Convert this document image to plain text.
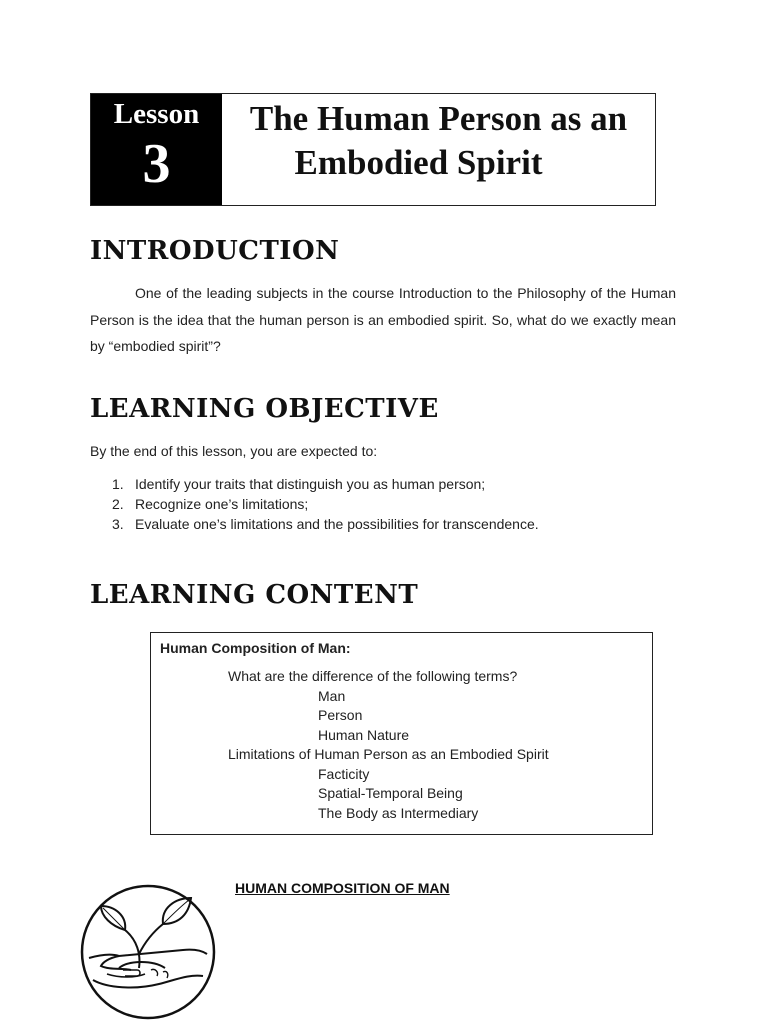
Lesson
3
The Human Person as an
Embodied Spirit
INTRODUCTION
One of the leading subjects in the course Introduction to the Philosophy of the Human Person is the idea that the human person is an embodied spirit. So, what do we exactly mean by “embodied spirit”?
LEARNING OBJECTIVE
By the end of this lesson, you are expected to:
1. Identify your traits that distinguish you as human person;
2. Recognize one’s limitations;
3. Evaluate one’s limitations and the possibilities for transcendence.
LEARNING CONTENT
Human Composition of Man:
What are the difference of the following terms?
Man
Person
Human Nature
Limitations of Human Person as an Embodied Spirit
Facticity
Spatial-Temporal Being
The Body as Intermediary
HUMAN COMPOSITION OF MAN
